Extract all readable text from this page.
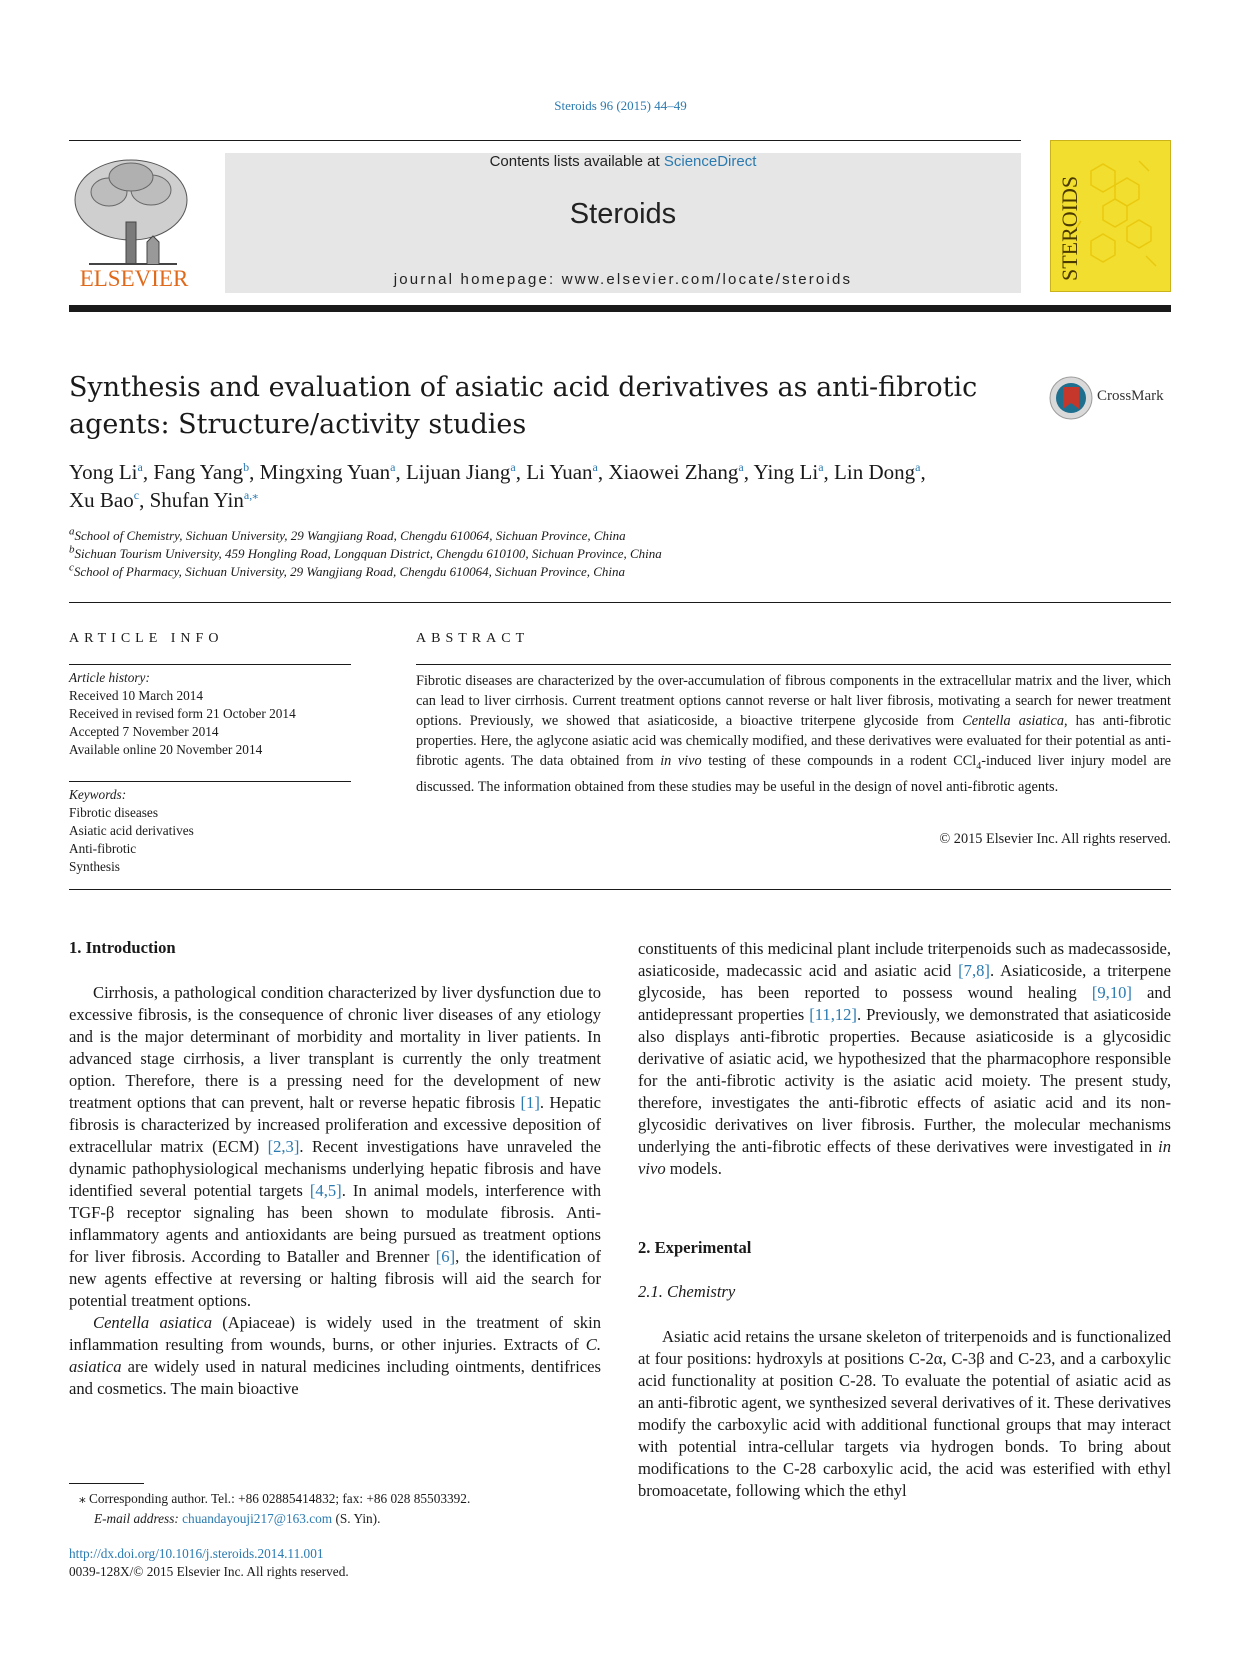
Steroids 96 (2015) 44–49
ELSEVIER
Contents lists available at ScienceDirect
Steroids
journal homepage: www.elsevier.com/locate/steroids	STEROIDS
Synthesis and evaluation of asiatic acid derivatives as anti-fibrotic agents: Structure/activity studies
CrossMark
Yong Li$^a$, Fang Yang$^b$, Mingxing Yuan$^a$, Lijuan Jiang$^a$, Li Yuan$^a$, Xiaowei Zhang$^a$, Ying Li$^a$, Lin Dong$^a$,
Xu Bao$^c$, Shufan Yin$^{a,⁎}$
$^a$School of Chemistry, Sichuan University, 29 Wangjiang Road, Chengdu 610064, Sichuan Province, China
$^b$Sichuan Tourism University, 459 Hongling Road, Longquan District, Chengdu 610100, Sichuan Province, China
$^c$School of Pharmacy, Sichuan University, 29 Wangjiang Road, Chengdu 610064, Sichuan Province, China
ARTICLE INFO
Article history:
Received 10 March 2014
Received in revised form 21 October 2014
Accepted 7 November 2014
Available online 20 November 2014
Keywords:
Fibrotic diseases
Asiatic acid derivatives
Anti-fibrotic
Synthesis
ABSTRACT
Fibrotic diseases are characterized by the over-accumulation of fibrous components in the extracellular matrix and the liver, which can lead to liver cirrhosis. Current treatment options cannot reverse or halt liver fibrosis, motivating a search for newer treatment options. Previously, we showed that asiaticoside, a bioactive triterpene glycoside from Centella asiatica, has anti-fibrotic properties. Here, the aglycone asiatic acid was chemically modified, and these derivatives were evaluated for their potential as anti-fibrotic agents. The data obtained from in vivo testing of these compounds in a rodent CCl$_4$-induced liver injury model are discussed. The information obtained from these studies may be useful in the design of novel anti-fibrotic agents.
© 2015 Elsevier Inc. All rights reserved.
1. Introduction

Cirrhosis, a pathological condition characterized by liver dysfunction due to excessive fibrosis, is the consequence of chronic liver diseases of any etiology and is the major determinant of morbidity and mortality in liver patients. In advanced stage cirrhosis, a liver transplant is currently the only treatment option. Therefore, there is a pressing need for the development of new treatment options that can prevent, halt or reverse hepatic fibrosis [1]. Hepatic fibrosis is characterized by increased proliferation and excessive deposition of extracellular matrix (ECM) [2,3]. Recent investigations have unraveled the dynamic pathophysiological mechanisms underlying hepatic fibrosis and have identified several potential targets [4,5]. In animal models, interference with TGF-β receptor signaling has been shown to modulate fibrosis. Anti-inflammatory agents and antioxidants are being pursued as treatment options for liver fibrosis. According to Bataller and Brenner [6], the identification of new agents effective at reversing or halting fibrosis will aid the search for potential treatment options.

Centella asiatica (Apiaceae) is widely used in the treatment of skin inflammation resulting from wounds, burns, or other injuries. Extracts of C. asiatica are widely used in natural medicines including ointments, dentifrices and cosmetics. The main bioactive

constituents of this medicinal plant include triterpenoids such as madecassoside, asiaticoside, madecassic acid and asiatic acid [7,8]. Asiaticoside, a triterpene glycoside, has been reported to possess wound healing [9,10] and antidepressant properties [11,12]. Previously, we demonstrated that asiaticoside also displays anti-fibrotic properties. Because asiaticoside is a glycosidic derivative of asiatic acid, we hypothesized that the pharmacophore responsible for the anti-fibrotic activity is the asiatic acid moiety. The present study, therefore, investigates the anti-fibrotic effects of asiatic acid and its non-glycosidic derivatives on liver fibrosis. Further, the molecular mechanisms underlying the anti-fibrotic effects of these derivatives were investigated in in vivo models.

2. Experimental
2.1. Chemistry

Asiatic acid retains the ursane skeleton of triterpenoids and is functionalized at four positions: hydroxyls at positions C-2α, C-3β and C-23, and a carboxylic acid functionality at position C-28. To evaluate the potential of asiatic acid as an anti-fibrotic agent, we synthesized several derivatives of it. These derivatives modify the carboxylic acid with additional functional groups that may interact with potential intra-cellular targets via hydrogen bonds. To bring about modifications to the C-28 carboxylic acid, the acid was esterified with ethyl bromoacetate, following which the ethyl

⁎ Corresponding author. Tel.: +86 02885414832; fax: +86 028 85503392.
E-mail address: chuandayouji217@163.com (S. Yin).
http://dx.doi.org/10.1016/j.steroids.2014.11.001
0039-128X/© 2015 Elsevier Inc. All rights reserved.
